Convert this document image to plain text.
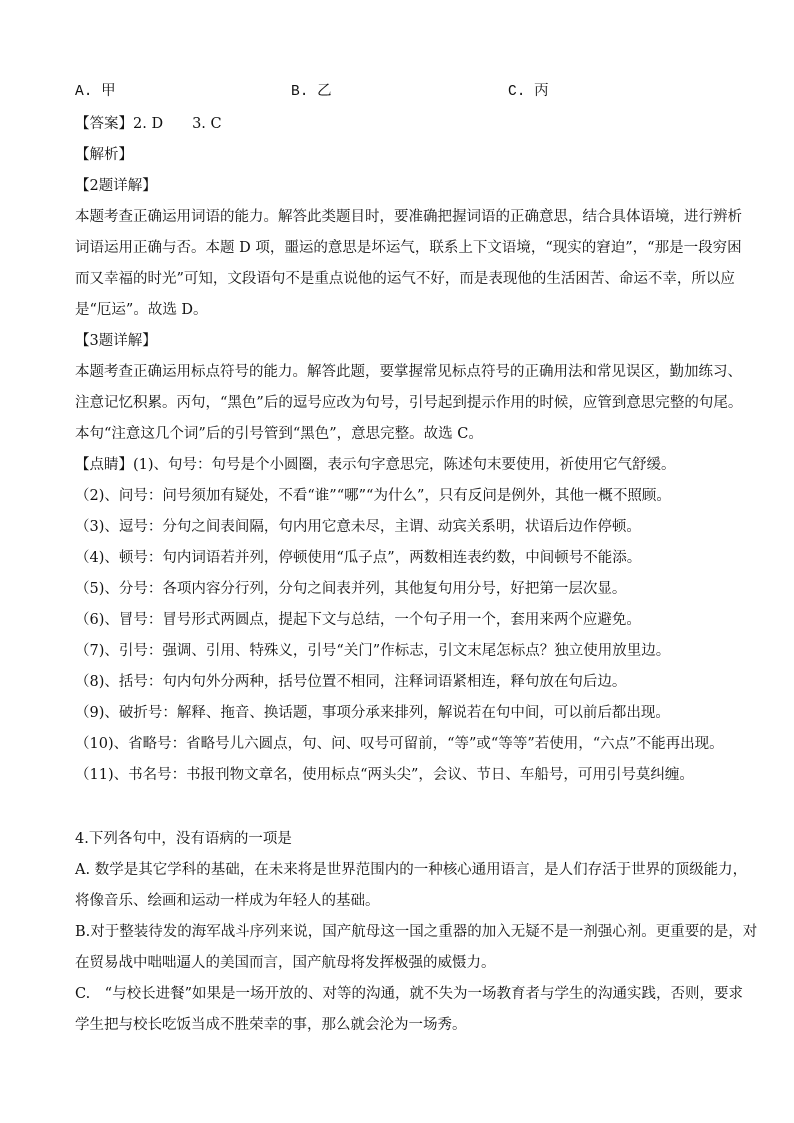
A. 甲	B. 乙	C. 丙
【答案】2. D　　3. C
【解析】
【2题详解】
本题考查正确运用词语的能力。解答此类题目时，要准确把握词语的正确意思，结合具体语境，进行辨析
词语运用正确与否。本题 D 项，噩运的意思是坏运气，联系上下文语境，“现实的窘迫”，“那是一段穷困
而又幸福的时光”可知，文段语句不是重点说他的运气不好，而是表现他的生活困苦、命运不幸，所以应
是“厄运”。故选 D。
【3题详解】
本题考查正确运用标点符号的能力。解答此题，要掌握常见标点符号的正确用法和常见误区，勤加练习、
注意记忆积累。丙句，“黑色”后的逗号应改为句号，引号起到提示作用的时候，应管到意思完整的句尾。
本句“注意这几个词”后的引号管到“黑色”，意思完整。故选 C。
【点睛】(1)、句号：句号是个小圆圈，表示句字意思完，陈述句末要使用，祈使用它气舒缓。
（2)、问号：问号须加有疑处，不看“谁”“哪”“为什么”，只有反问是例外，其他一概不照顾。
（3)、逗号：分句之间表间隔，句内用它意未尽，主谓、动宾关系明，状语后边作停顿。
（4)、顿号：句内词语若并列，停顿使用“瓜子点”，两数相连表约数，中间顿号不能添。
（5)、分号：各项内容分行列，分句之间表并列，其他复句用分号，好把第一层次显。
（6)、冒号：冒号形式两圆点，提起下文与总结，一个句子用一个，套用来两个应避免。
（7)、引号：强调、引用、特殊义，引号“关门”作标志，引文末尾怎标点？独立使用放里边。
（8)、括号：句内句外分两种，括号位置不相同，注释词语紧相连，释句放在句后边。
（9)、破折号：解释、拖音、换话题，事项分承来排列，解说若在句中间，可以前后都出现。
（10)、省略号：省略号儿六圆点，句、问、叹号可留前，“等”或“等等”若使用，“六点”不能再出现。
（11)、书名号：书报刊物文章名，使用标点“两头尖”，会议、节日、车船号，可用引号莫纠缠。
4.下列各句中，没有语病的一项是
A. 数学是其它学科的基础，在未来将是世界范围内的一种核心通用语言，是人们存活于世界的顶级能力，
将像音乐、绘画和运动一样成为年轻人的基础。
B.对于整装待发的海军战斗序列来说，国产航母这一国之重器的加入无疑不是一剂强心剂。更重要的是，对
在贸易战中咄咄逼人的美国而言，国产航母将发挥极强的威慑力。
C.　“与校长进餐”如果是一场开放的、对等的沟通，就不失为一场教育者与学生的沟通实践，否则，要求
学生把与校长吃饭当成不胜荣幸的事，那么就会沦为一场秀。
